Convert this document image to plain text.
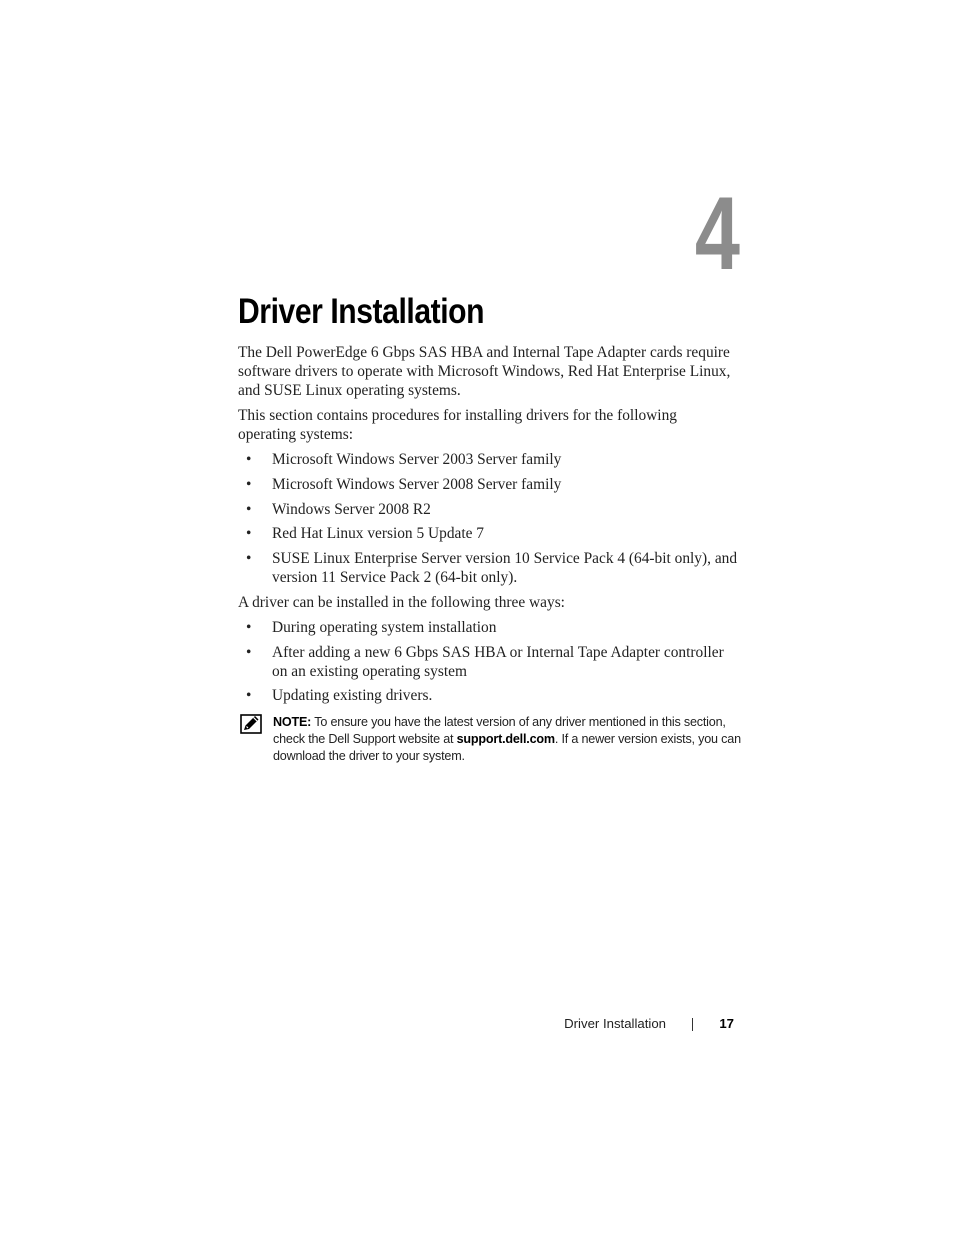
4
Driver Installation
The Dell PowerEdge 6 Gbps SAS HBA and Internal Tape Adapter cards require software drivers to operate with Microsoft Windows, Red Hat Enterprise Linux, and SUSE Linux operating systems.
This section contains procedures for installing drivers for the following operating systems:
• Microsoft Windows Server 2003 Server family
• Microsoft Windows Server 2008 Server family
• Windows Server 2008 R2
• Red Hat Linux version 5 Update 7
• SUSE Linux Enterprise Server version 10 Service Pack 4 (64-bit only), and version 11 Service Pack 2 (64-bit only).
A driver can be installed in the following three ways:
• During operating system installation
• After adding a new 6 Gbps SAS HBA or Internal Tape Adapter controller on an existing operating system
• Updating existing drivers.
NOTE: To ensure you have the latest version of any driver mentioned in this section, check the Dell Support website at support.dell.com. If a newer version exists, you can download the driver to your system.
Driver Installation	17
